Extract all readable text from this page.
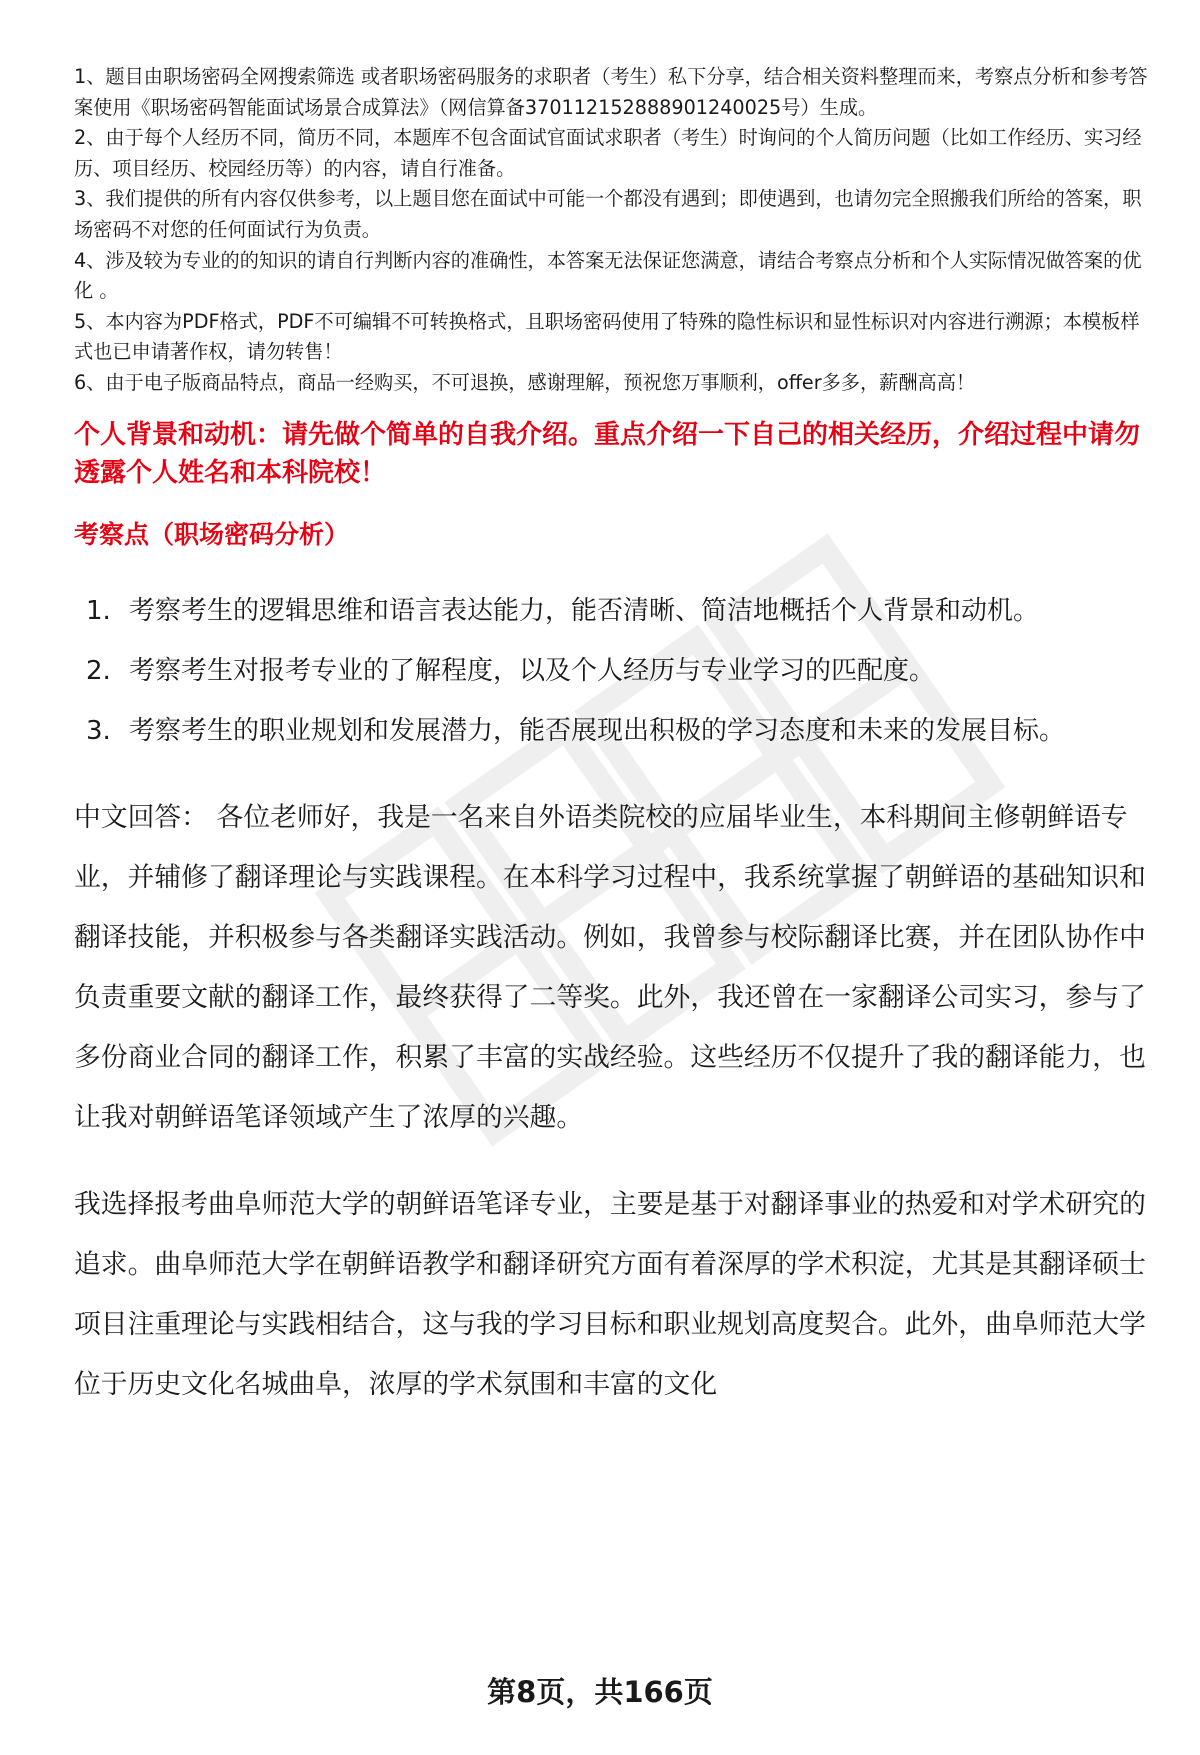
1、题目由职场密码全网搜索筛选 或者职场密码服务的求职者（考生）私下分享，结合相关资料整理而来，考察点分析和参考答案使用《职场密码智能面试场景合成算法》（网信算备370112152888901240025号）生成。

2、由于每个人经历不同，简历不同，本题库不包含面试官面试求职者（考生）时询问的个人简历问题（比如工作经历、实习经历、项目经历、校园经历等）的内容，请自行准备。

3、我们提供的所有内容仅供参考，以上题目您在面试中可能一个都没有遇到；即使遇到，也请勿完全照搬我们所给的答案，职场密码不对您的任何面试行为负责。

4、涉及较为专业的的知识的请自行判断内容的准确性，本答案无法保证您满意，请结合考察点分析和个人实际情况做答案的优化 。

5、本内容为PDF格式，PDF不可编辑不可转换格式，且职场密码使用了特殊的隐性标识和显性标识对内容进行溯源；本模板样式也已申请著作权，请勿转售！

6、由于电子版商品特点，商品一经购买，不可退换，感谢理解，预祝您万事顺利，offer多多，薪酬高高！

个人背景和动机：请先做个简单的自我介绍。重点介绍一下自己的相关经历，介绍过程中请勿透露个人姓名和本科院校！
考察点（职场密码分析）
1. 考察考生的逻辑思维和语言表达能力，能否清晰、简洁地概括个人背景和动机。
2. 考察考生对报考专业的了解程度，以及个人经历与专业学习的匹配度。
3. 考察考生的职业规划和发展潜力，能否展现出积极的学习态度和未来的发展目标。

中文回答： 各位老师好，我是一名来自外语类院校的应届毕业生，本科期间主修朝鲜语专业，并辅修了翻译理论与实践课程。在本科学习过程中，我系统掌握了朝鲜语的基础知识和翻译技能，并积极参与各类翻译实践活动。例如，我曾参与校际翻译比赛，并在团队协作中负责重要文献的翻译工作，最终获得了二等奖。此外，我还曾在一家翻译公司实习，参与了多份商业合同的翻译工作，积累了丰富的实战经验。这些经历不仅提升了我的翻译能力，也让我对朝鲜语笔译领域产生了浓厚的兴趣。

我选择报考曲阜师范大学的朝鲜语笔译专业，主要是基于对翻译事业的热爱和对学术研究的追求。曲阜师范大学在朝鲜语教学和翻译研究方面有着深厚的学术积淀，尤其是其翻译硕士项目注重理论与实践相结合，这与我的学习目标和职业规划高度契合。此外，曲阜师范大学位于历史文化名城曲阜，浓厚的学术氛围和丰富的文化

第8页，共166页
